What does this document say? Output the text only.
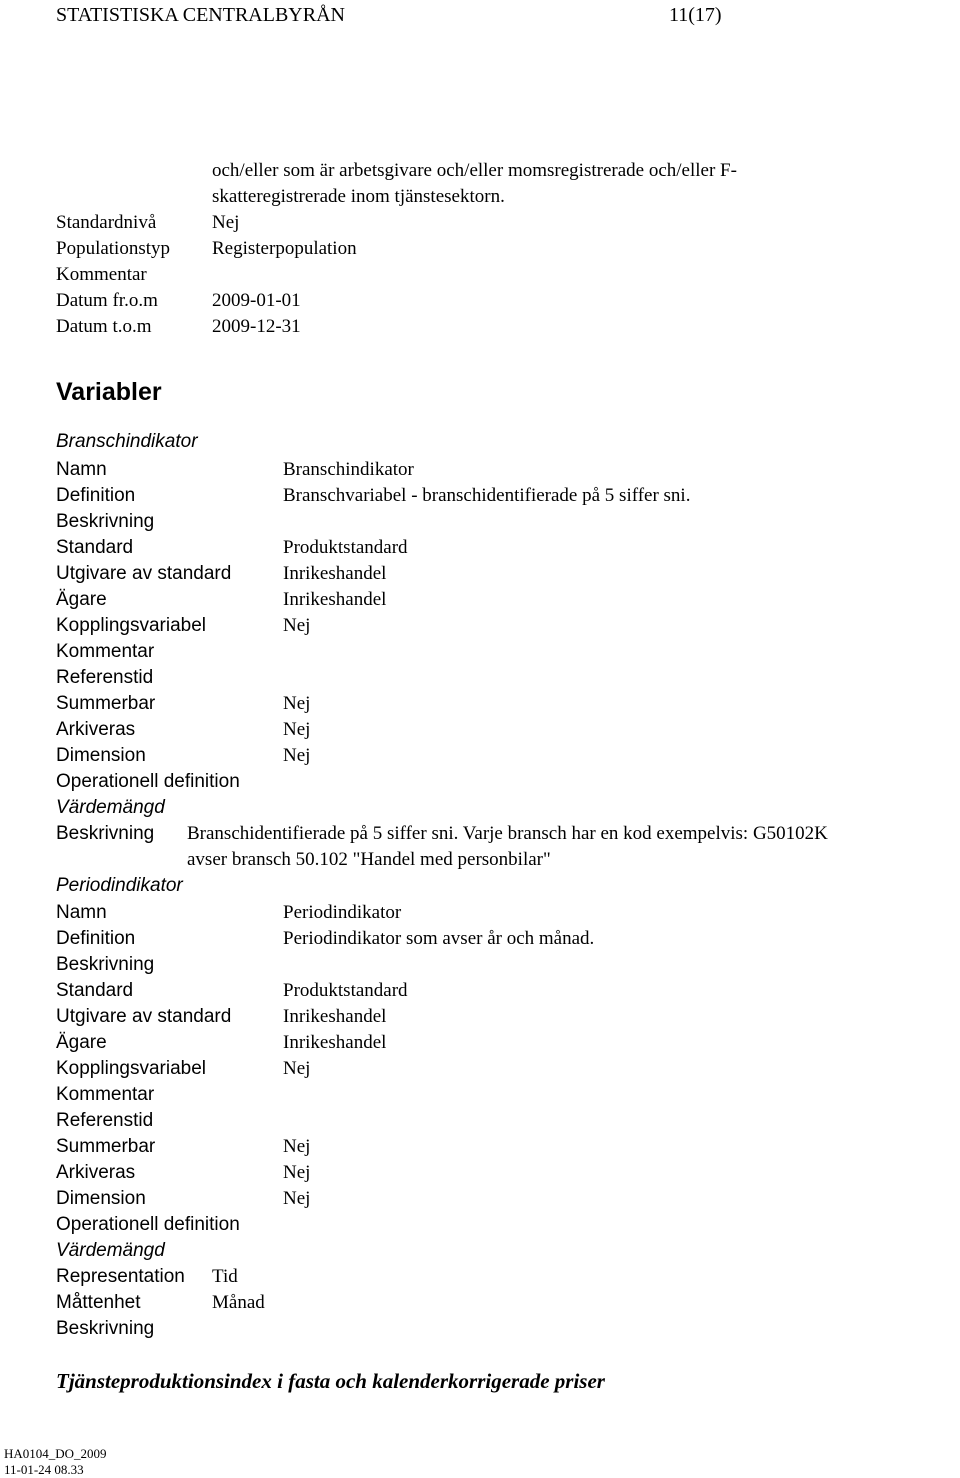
STATISTISKA CENTRALBYRÅN	11(17)
och/eller som är arbetsgivare och/eller momsregistrerade och/eller F-
skatteregistrerade inom tjänstesektorn.
Standardnivå	Nej
Populationstyp Registerpopulation
Kommentar
Datum fr.o.m	2009-01-01
Datum t.o.m	2009-12-31
Variabler
Branschindikator
Namn	Branschindikator
Definition	Branschvariabel - branschidentifierade på 5 siffer sni.
Beskrivning
Standard	Produktstandard
Utgivare av standard	Inrikeshandel
Ägare	Inrikeshandel
Kopplingsvariabel	Nej
Kommentar
Referenstid
Summerbar	Nej
Arkiveras	Nej
Dimension	Nej
Operationell definition
Värdemängd
Beskrivning Branschidentifierade på 5 siffer sni. Varje bransch har en kod exempelvis: G50102K
avser bransch 50.102 "Handel med personbilar"
Periodindikator
Namn	Periodindikator
Definition	Periodindikator som avser år och månad.
Beskrivning
Standard	Produktstandard
Utgivare av standard	Inrikeshandel
Ägare	Inrikeshandel
Kopplingsvariabel	Nej
Kommentar
Referenstid
Summerbar	Nej
Arkiveras	Nej
Dimension	Nej
Operationell definition
Värdemängd
Representation Tid
Måttenhet	Månad
Beskrivning
Tjänsteproduktionsindex i fasta och kalenderkorrigerade priser
HA0104_DO_2009
11-01-24 08.33
